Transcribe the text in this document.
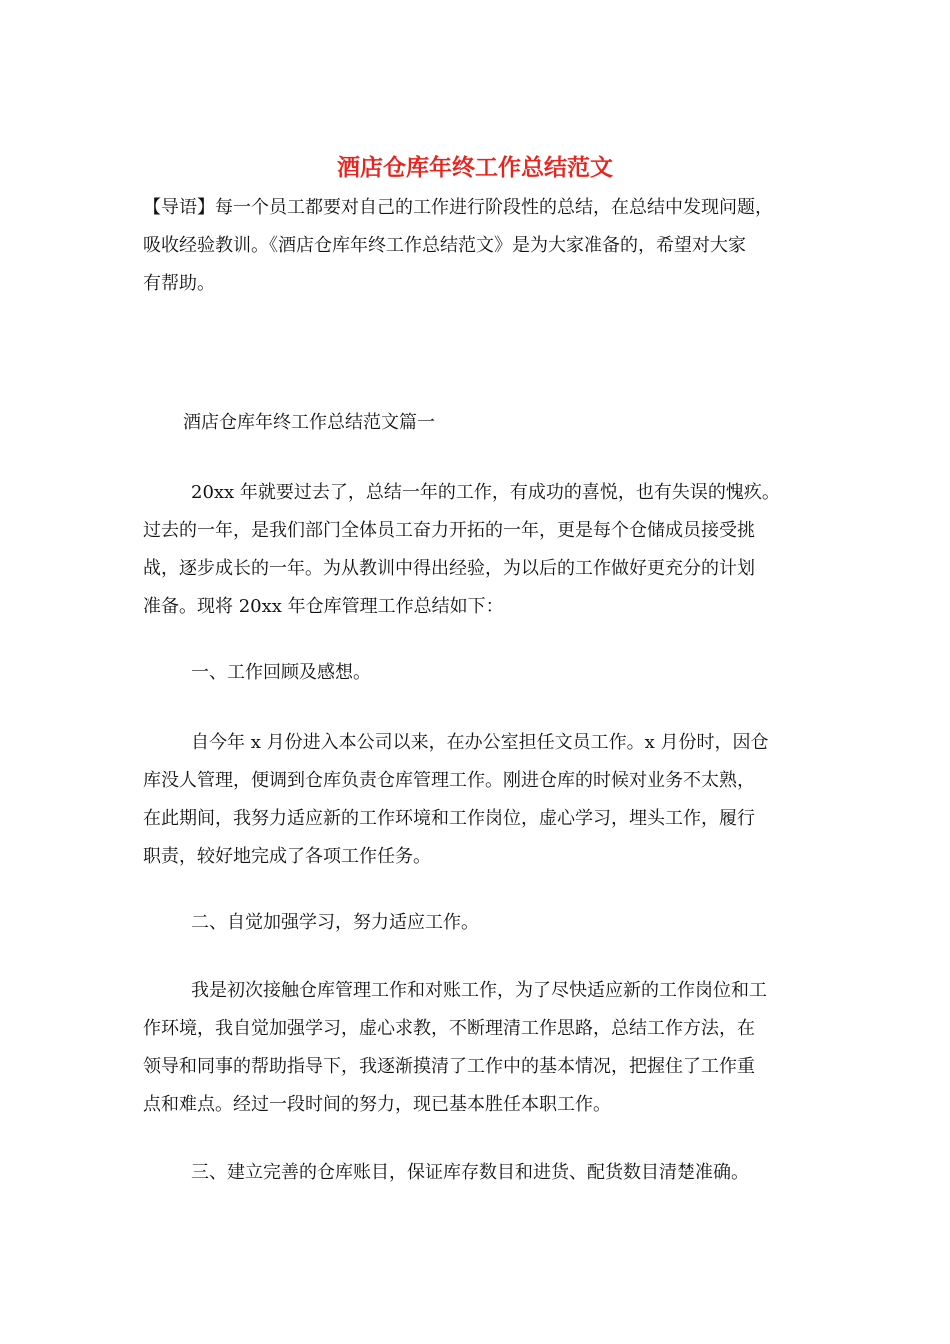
酒店仓库年终工作总结范文

【导语】每一个员工都要对自己的工作进行阶段性的总结，在总结中发现问题，
吸收经验教训。《酒店仓库年终工作总结范文》是为大家准备的，希望对大家
有帮助。

酒店仓库年终工作总结范文篇一

20xx 年就要过去了，总结一年的工作，有成功的喜悦，也有失误的愧疚。
过去的一年，是我们部门全体员工奋力开拓的一年，更是每个仓储成员接受挑
战，逐步成长的一年。为从教训中得出经验，为以后的工作做好更充分的计划
准备。现将 20xx 年仓库管理工作总结如下：

一、工作回顾及感想。

自今年 x 月份进入本公司以来，在办公室担任文员工作。x 月份时，因仓
库没人管理，便调到仓库负责仓库管理工作。刚进仓库的时候对业务不太熟，
在此期间，我努力适应新的工作环境和工作岗位，虚心学习，埋头工作，履行
职责，较好地完成了各项工作任务。

二、自觉加强学习，努力适应工作。

我是初次接触仓库管理工作和对账工作，为了尽快适应新的工作岗位和工
作环境，我自觉加强学习，虚心求教，不断理清工作思路，总结工作方法，在
领导和同事的帮助指导下，我逐渐摸清了工作中的基本情况，把握住了工作重
点和难点。经过一段时间的努力，现已基本胜任本职工作。

三、建立完善的仓库账目，保证库存数目和进货、配货数目清楚准确。
